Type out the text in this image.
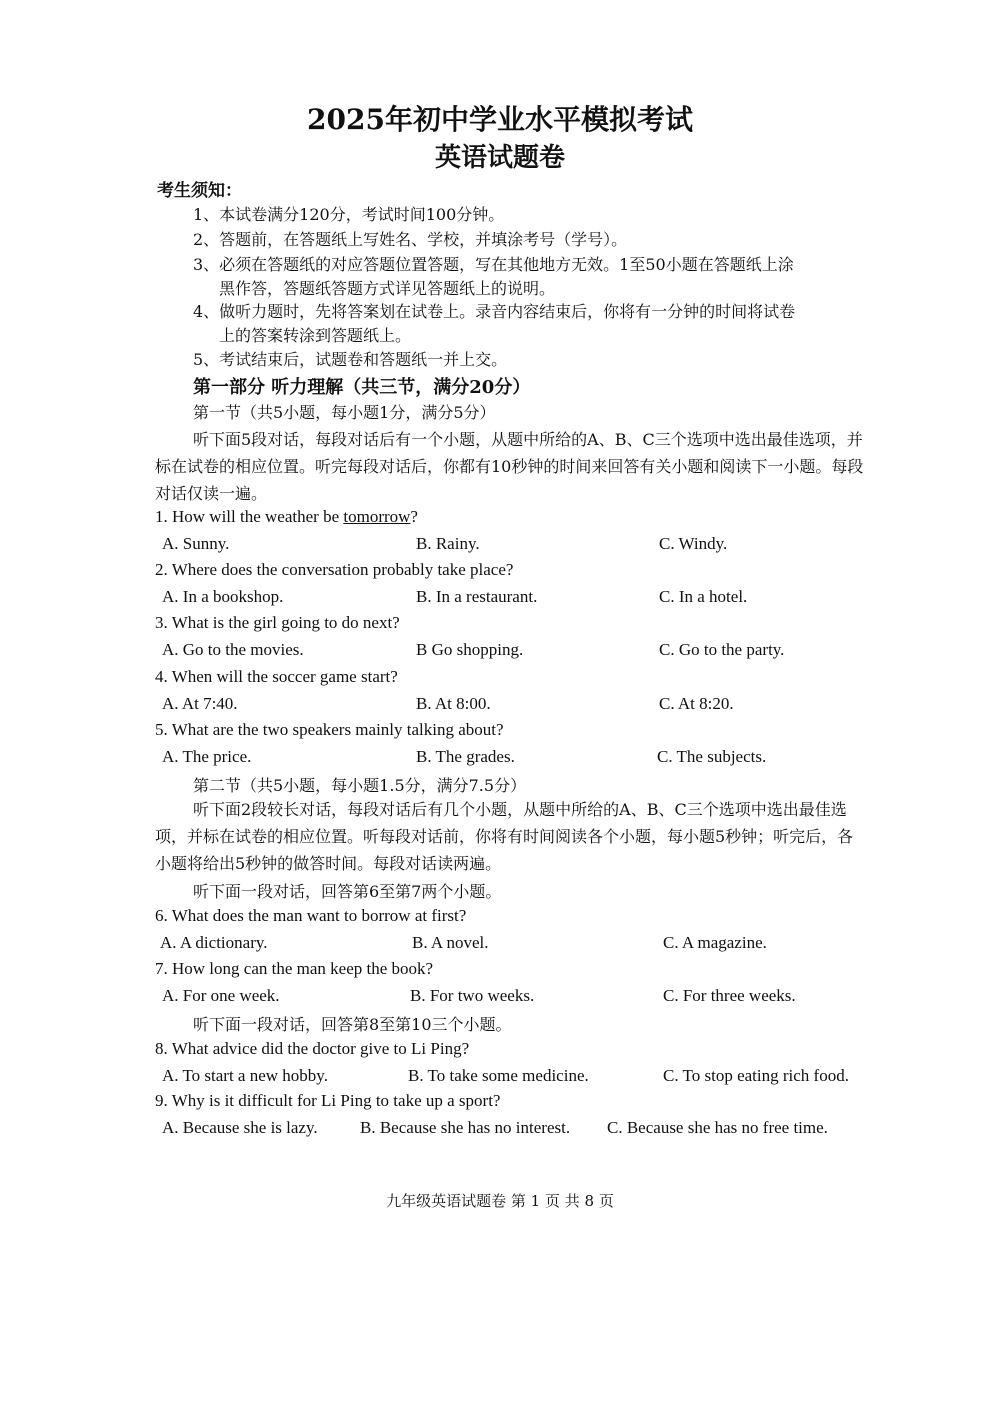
2025年初中学业水平模拟考试
英语试题卷
考生须知：
1、本试卷满分120分，考试时间100分钟。
2、答题前，在答题纸上写姓名、学校，并填涂考号（学号）。
3、必须在答题纸的对应答题位置答题，写在其他地方无效。1至50小题在答题纸上涂
黑作答，答题纸答题方式详见答题纸上的说明。
4、做听力题时，先将答案划在试卷上。录音内容结束后，你将有一分钟的时间将试卷
上的答案转涂到答题纸上。
5、考试结束后，试题卷和答题纸一并上交。
第一部分 听力理解（共三节，满分20分）
第一节（共5小题，每小题1分，满分5分）
听下面5段对话，每段对话后有一个小题，从题中所给的A、B、C三个选项中选出最佳选项，并标在试卷的相应位置。听完每段对话后，你都有10秒钟的时间来回答有关小题和阅读下一小题。每段对话仅读一遍。
1. How will the weather be tomorrow?
A. Sunny.	B. Rainy.	C. Windy.
2. Where does the conversation probably take place?
A. In a bookshop.	B. In a restaurant.	C. In a hotel.
3. What is the girl going to do next?
A. Go to the movies.	B Go shopping.	C. Go to the party.
4. When will the soccer game start?
A. At 7:40.	B. At 8:00.	C. At 8:20.
5. What are the two speakers mainly talking about?
A. The price.	B. The grades.	C. The subjects.
第二节（共5小题，每小题1.5分，满分7.5分）
听下面2段较长对话，每段对话后有几个小题，从题中所给的A、B、C三个选项中选出最佳选项，并标在试卷的相应位置。听每段对话前，你将有时间阅读各个小题，每小题5秒钟；听完后，各小题将给出5秒钟的做答时间。每段对话读两遍。
听下面一段对话，回答第6至第7两个小题。
6. What does the man want to borrow at first?
A. A dictionary.	B. A novel.	C. A magazine.
7. How long can the man keep the book?
A. For one week.	B. For two weeks.	C. For three weeks.
听下面一段对话，回答第8至第10三个小题。
8. What advice did the doctor give to Li Ping?
A. To start a new hobby.	B. To take some medicine.	C. To stop eating rich food.
9. Why is it difficult for Li Ping to take up a sport?
A. Because she is lazy. B. Because she has no interest. C. Because she has no free time.
九年级英语试题卷 第 1 页 共 8 页
